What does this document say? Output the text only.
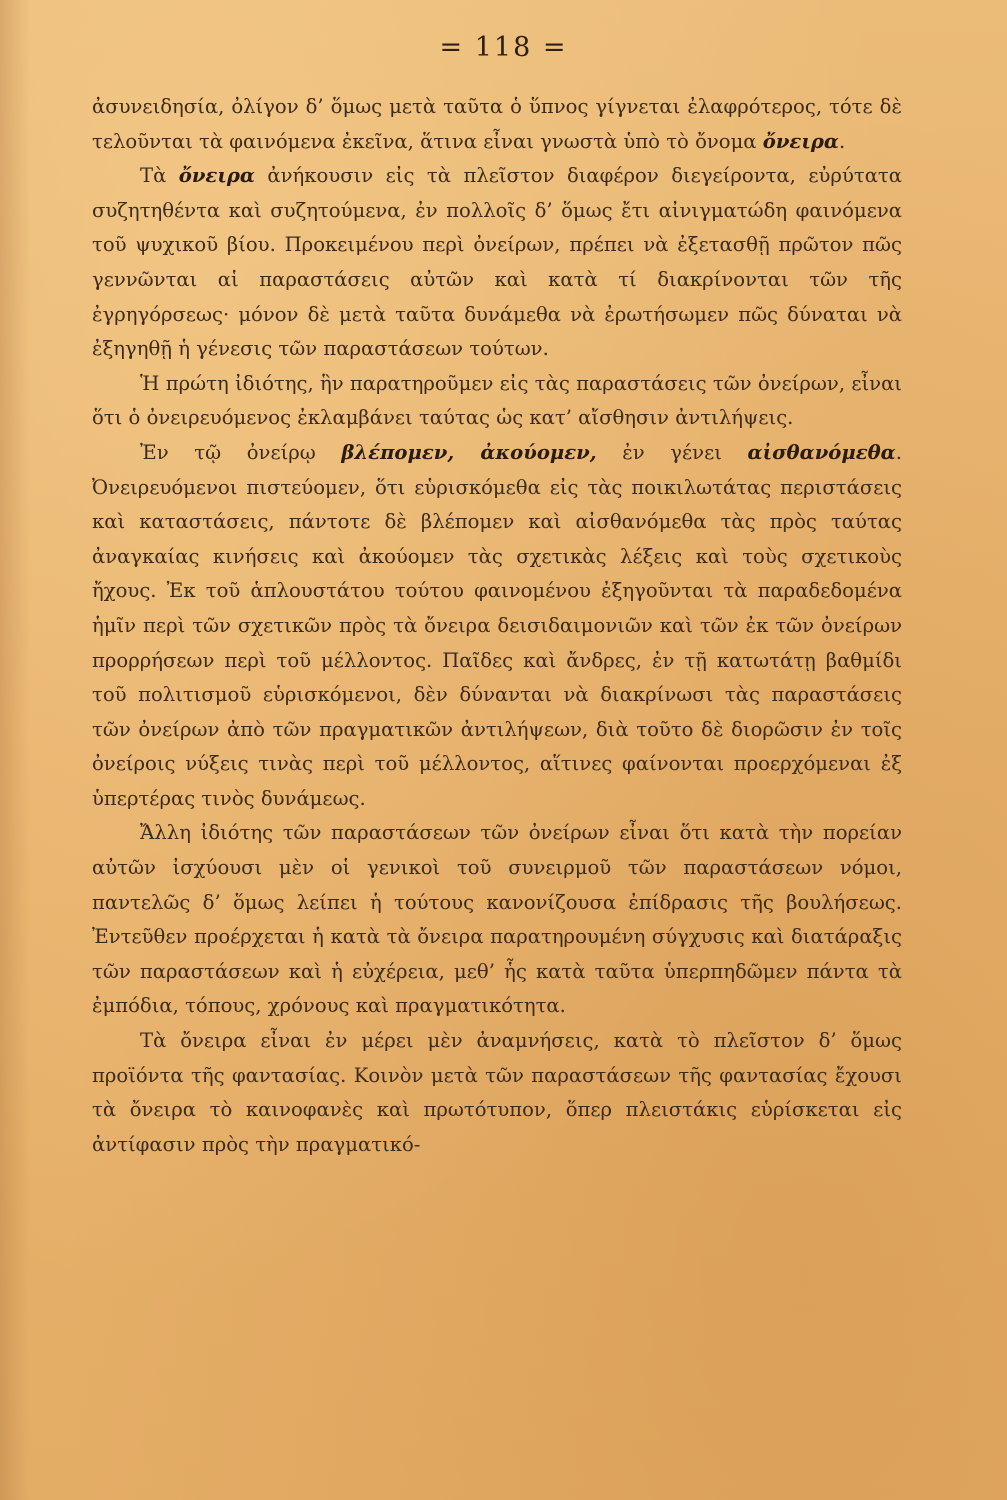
= 118 =

ἀσυνειδησία, ὀλίγον δ’ ὅμως μετὰ ταῦτα ὁ ὕπνος γίγνεται ἐλαφρότερος, τότε δὲ τελοῦνται τὰ φαινόμενα ἐκεῖνα, ἅτινα εἶναι γνωστὰ ὑπὸ τὸ ὄνομα ὄνειρα.

Τὰ ὄνειρα ἀνήκουσιν εἰς τὰ πλεῖστον διαφέρον διεγείροντα, εὐρύτατα συζητηθέντα καὶ συζητούμενα, ἐν πολλοῖς δ’ ὅμως ἔτι αἰνιγματώδη φαινόμενα τοῦ ψυχικοῦ βίου. Προκειμένου περὶ ὀνείρων, πρέπει νὰ ἐξετασθῇ πρῶτον πῶς γεννῶνται αἱ παραστάσεις αὐτῶν καὶ κατὰ τί διακρίνονται τῶν τῆς ἐγρηγόρσεως· μόνον δὲ μετὰ ταῦτα δυνάμεθα νὰ ἐρωτήσωμεν πῶς δύναται νὰ ἐξηγηθῇ ἡ γένεσις τῶν παραστάσεων τούτων.

Ἡ πρώτη ἰδιότης, ἣν παρατηροῦμεν εἰς τὰς παραστάσεις τῶν ὀνείρων, εἶναι ὅτι ὁ ὀνειρευόμενος ἐκλαμβάνει ταύτας ὡς κατ’ αἴσθησιν ἀντιλήψεις.

Ἐν τῷ ὀνείρῳ βλέπομεν, ἀκούομεν, ἐν γένει αἰσθανόμεθα. Ὀνειρευόμενοι πιστεύομεν, ὅτι εὑρισκόμεθα εἰς τὰς ποικιλωτάτας περιστάσεις καὶ καταστάσεις, πάντοτε δὲ βλέπομεν καὶ αἰσθανόμεθα τὰς πρὸς ταύτας ἀναγκαίας κινήσεις καὶ ἀκούομεν τὰς σχετικὰς λέξεις καὶ τοὺς σχετικοὺς ἤχους. Ἐκ τοῦ ἁπλουστάτου τούτου φαινομένου ἐξηγοῦνται τὰ παραδεδομένα ἡμῖν περὶ τῶν σχετικῶν πρὸς τὰ ὄνειρα δεισιδαιμονιῶν καὶ τῶν ἐκ τῶν ὀνείρων προρρήσεων περὶ τοῦ μέλλοντος. Παῖδες καὶ ἄνδρες, ἐν τῇ κατωτάτῃ βαθμίδι τοῦ πολιτισμοῦ εὑρισκόμενοι, δὲν δύνανται νὰ διακρίνωσι τὰς παραστάσεις τῶν ὀνείρων ἀπὸ τῶν πραγματικῶν ἀντιλήψεων, διὰ τοῦτο δὲ διορῶσιν ἐν τοῖς ὀνείροις νύξεις τινὰς περὶ τοῦ μέλλοντος, αἵτινες φαίνονται προερχόμεναι ἐξ ὑπερτέρας τινὸς δυνάμεως.

Ἄλλη ἰδιότης τῶν παραστάσεων τῶν ὀνείρων εἶναι ὅτι κατὰ τὴν πορείαν αὐτῶν ἰσχύουσι μὲν οἱ γενικοὶ τοῦ συνειρμοῦ τῶν παραστάσεων νόμοι, παντελῶς δ’ ὅμως λείπει ἡ τούτους κανονίζουσα ἐπίδρασις τῆς βουλήσεως. Ἐντεῦθεν προέρχεται ἡ κατὰ τὰ ὄνειρα παρατηρουμένη σύγχυσις καὶ διατάραξις τῶν παραστάσεων καὶ ἡ εὐχέρεια, μεθ’ ἧς κατὰ ταῦτα ὑπερπηδῶμεν πάντα τὰ ἐμπόδια, τόπους, χρόνους καὶ πραγματικότητα.

Τὰ ὄνειρα εἶναι ἐν μέρει μὲν ἀναμνήσεις, κατὰ τὸ πλεῖστον δ’ ὅμως προϊόντα τῆς φαντασίας. Κοινὸν μετὰ τῶν παραστάσεων τῆς φαντασίας ἔχουσι τὰ ὄνειρα τὸ καινοφανὲς καὶ πρωτότυπον, ὅπερ πλειστάκις εὑρίσκεται εἰς ἀντίφασιν πρὸς τὴν πραγματικό-
